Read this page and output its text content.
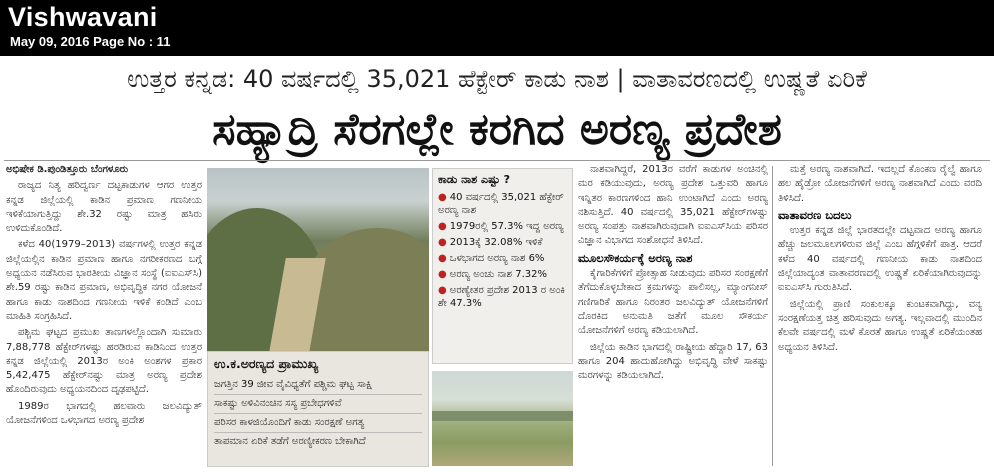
Vishwavani
May 09, 2016 Page No : 11
ಉತ್ತರ ಕನ್ನಡ: 40 ವರ್ಷದಲ್ಲಿ 35,021 ಹೆಕ್ಟೇರ್ ಕಾಡು ನಾಶ | ವಾತಾವರಣದಲ್ಲಿ ಉಷ್ಣತೆ ಏರಿಕೆ
ಸಹ್ಯಾದ್ರಿ ಸೆರಗಲ್ಲೇ ಕರಗಿದ ಅರಣ್ಯ ಪ್ರದೇಶ

ಅಭಿಷೇಕ ಡಿ.ಪುಂಡಿತ್ತೂರು ಬೆಂಗಳೂರು

ರಾಜ್ಯದ ನಿತ್ಯ ಹರಿದ್ವರ್ಣ ದಟ್ಟಕಾಡುಗಳ ಆಗರ ಉತ್ತರ ಕನ್ನಡ ಜಿಲ್ಲೆಯಲ್ಲಿ ಕಾಡಿನ ಪ್ರಮಾಣ ಗಣನೀಯ ಇಳಿಕೆಯಾಗುತ್ತಿದ್ದು ಶೇ.32 ರಷ್ಟು ಮಾತ್ರ ಹಸಿರು ಉಳಿದುಕೊಂಡಿದೆ.

ಕಳೆದ 40(1979–2013) ವರ್ಷಗಳಲ್ಲಿ ಉತ್ತರ ಕನ್ನಡ ಜಿಲ್ಲೆಯಲ್ಲಿನ ಕಾಡಿನ ಪ್ರಮಾಣ ಹಾಗೂ ನಗರೀಕರಣದ ಬಗ್ಗೆ ಅಧ್ಯಯನ ನಡೆಸಿರುವ ಭಾರತೀಯ ವಿಜ್ಞಾನ ಸಂಸ್ಥೆ (ಐಐಎಸ್‌ಸಿ) ಶೇ.59 ರಷ್ಟು ಕಾಡಿನ ಪ್ರಮಾಣ, ಅಭಿವೃದ್ಧಿಕ ನಗರ ಯೋಜನೆ ಹಾಗೂ ಕಾಡು ನಾಶದಿಂದ ಗಣನೀಯ ಇಳಿಕೆ ಕಂಡಿದೆ ಎಂಬ ಮಾಹಿತಿ ಸಂಗ್ರಹಿಸಿದೆ.

ಪಶ್ಚಿಮ ಘಟ್ಟದ ಪ್ರಮುಖ ತಾಣಗಳಲ್ಲೊಂದಾಗಿ ಸುಮಾರು 7,88,778 ಹೆಕ್ಟೇರ್‌ಗಳಷ್ಟು ಹರಡಿರುವ ಕಾಡಿನಿಂದ ಉತ್ತರ ಕನ್ನಡ ಜಿಲ್ಲೆಯಲ್ಲಿ 2013ರ ಅಂಕಿ ಅಂಶಗಳ ಪ್ರಕಾರ 5,42,475 ಹೆಕ್ಟೇರ್‌ನಷ್ಟು ಮಾತ್ರ ಅರಣ್ಯ ಪ್ರದೇಶ ಹೊಂದಿರುವುದು ಅಧ್ಯಯನದಿಂದ ದೃಢಪಟ್ಟಿದೆ.

1989ರ ಭಾಗದಲ್ಲಿ ಹಲವಾರು ಜಲವಿದ್ಯುತ್ ಯೋಜನೆಗಳಿಂದ ಒಳಭಾಗದ ಅರಣ್ಯ ಪ್ರದೇಶ

ಕಾಡು ನಾಶ ಎಷ್ಟು ?
● 40 ವರ್ಷದಲ್ಲಿ 35,021 ಹೆಕ್ಟೇರ್ ಅರಣ್ಯ ನಾಶ
● 1979ರಲ್ಲಿ 57.3% ಇದ್ದ ಅರಣ್ಯ
● 2013ಕ್ಕೆ 32.08% ಇಳಿಕೆ
● ಒಳಭಾಗದ ಅರಣ್ಯ ನಾಶ 6%
● ಅರಣ್ಯ ಅಂಚು ನಾಶ 7.32%
● ಅರಣ್ಯೇತರ ಪ್ರದೇಶ 2013 ರ ಅಂಕಿ ಶೇ 47.3%
ಉ.ಕ.ಅರಣ್ಯದ ಪ್ರಾಮುಖ್ಯ
ಜಗತ್ತಿನ 39 ಜೀವ ವೈವಿಧ್ಯತೆಗೆ ಪಶ್ಚಿಮ ಘಟ್ಟ ಸಾಕ್ಷಿ
ಸಾಕಷ್ಟು ಅಳಿವಿನಂಚಿನ ಸಸ್ಯ ಪ್ರಬೇಧಗಳಿವೆ
ಪರಿಸರ ಕಾಳಜಿಯೊಂದಿಗೆ ಕಾಡು ಸಂರಕ್ಷಣೆ ಅಗತ್ಯ
ತಾಪಮಾನ ಏರಿಕೆ ತಡೆಗೆ ಅರಣ್ಯೀಕರಣ ಬೇಕಾಗಿದೆ

ನಾಶವಾಗಿದ್ದರೆ, 2013ರ ವರೆಗೆ ಕಾಡುಗಳ ಅಂಚಿನಲ್ಲಿ ಮರ ಕಡಿಯುವುದು, ಅರಣ್ಯ ಪ್ರದೇಶ ಒತ್ತುವರಿ ಹಾಗೂ ಇನ್ನಿತರ ಕಾರಣಗಳಿಂದ ಹಾನಿ ಉಂಟಾಗಿದೆ ಎಂದು ಅರಣ್ಯ ನಶಿಸುತ್ತಿದೆ. 40 ವರ್ಷದಲ್ಲಿ 35,021 ಹೆಕ್ಟೇರ್‌ಗಳಷ್ಟು ಅರಣ್ಯ ಸಂಪತ್ತು ನಾಶವಾಗಿರುವುದಾಗಿ ಐಐಎಸ್‌ಸಿಯ ಪರಿಸರ ವಿಜ್ಞಾನ ವಿಭಾಗದ ಸಂಶೋಧನೆ ತಿಳಿಸಿದೆ.

ಮೂಲಸೌಕರ್ಯಕ್ಕೆ ಅರಣ್ಯ ನಾಶ

ಕೈಗಾರಿಕೆಗಳಿಗೆ ಪ್ರೋತ್ಸಾಹ ನೀಡುವುದು ಪರಿಸರ ಸಂರಕ್ಷಣೆಗೆ ತೆಗೆದುಕೊಳ್ಳಬೇಕಾದ ಕ್ರಮಗಳನ್ನು ಪಾಲಿಸಲ್ಲ, ಮ್ಯಾಂಗನೀಸ್ ಗಣಿಗಾರಿಕೆ ಹಾಗೂ ನಿರಂತರ ಜಲವಿದ್ಯುತ್ ಯೋಜನೆಗಳಿಗೆ ದೊರಕಿದ ಅನುಮತಿ ಜತೆಗೆ ಮೂಲ ಸೌಕರ್ಯ ಯೋಜನೆಗಳಿಗೆ ಅರಣ್ಯ ಕಡಿಯಲಾಗಿದೆ.

ಜಿಲ್ಲೆಯ ಕಾಡಿನ ಭಾಗದಲ್ಲಿ ರಾಷ್ಟ್ರೀಯ ಹೆದ್ದಾರಿ 17, 63 ಹಾಗೂ 204 ಹಾದುಹೋಗಿದ್ದು ಅಭಿವೃದ್ಧಿ ವೇಳೆ ಸಾಕಷ್ಟು ಮರಗಳನ್ನು ಕಡಿಯಲಾಗಿದೆ.

ಮತ್ತೆ ಅರಣ್ಯ ನಾಶವಾಗಿದೆ. ಇದಲ್ಲದೆ ಕೊಂಕಣ ರೈಲ್ವೆ ಹಾಗೂ ಹಲ ಹೈಡ್ರೋ ಯೋಜನೆಗಳಿಗೆ ಅರಣ್ಯ ನಾಶವಾಗಿದೆ ಎಂದು ವರದಿ ತಿಳಿಸಿದೆ.

ವಾತಾವರಣ ಬದಲು

ಉತ್ತರ ಕನ್ನಡ ಜಿಲ್ಲೆ ಭಾರತದಲ್ಲೇ ದಟ್ಟವಾದ ಅರಣ್ಯ ಹಾಗೂ ಹೆಚ್ಚು ಜಲಮೂಲಗಳಿರುವ ಜಿಲ್ಲೆ ಎಂಬ ಹೆಗ್ಗಳಿಕೆಗೆ ಪಾತ್ರ. ಆದರೆ ಕಳೆದ 40 ವರ್ಷದಲ್ಲಿ ಗಣನೀಯ ಕಾಡು ನಾಶದಿಂದ ಜಿಲ್ಲೆಯಾದ್ಯಂತ ವಾತಾವರಣದಲ್ಲಿ ಉಷ್ಣತೆ ಏರಿಕೆಯಾಗಿರುವುದನ್ನು ಐಐಎಸ್‌ಸಿ ಗುರುತಿಸಿದೆ.

ಜಿಲ್ಲೆಯಲ್ಲಿ ಪ್ರಾಣಿ ಸಂಕುಲಕ್ಕೂ ಕುಂಟಕವಾಗಿದ್ದು, ವನ್ಯ ಸಂರಕ್ಷಣೆಯತ್ತ ಚಿತ್ತ ಹರಿಸುವುದು ಅಗತ್ಯ. ಇಲ್ಲವಾದಲ್ಲಿ ಮುಂದಿನ ಕೆಲವೇ ವರ್ಷದಲ್ಲಿ ಮಳೆ ಕೊರತೆ ಹಾಗೂ ಉಷ್ಣತೆ ಏರಿಕೆಯಂತಹ ಅಧ್ಯಯನ ತಿಳಿಸಿದೆ.
